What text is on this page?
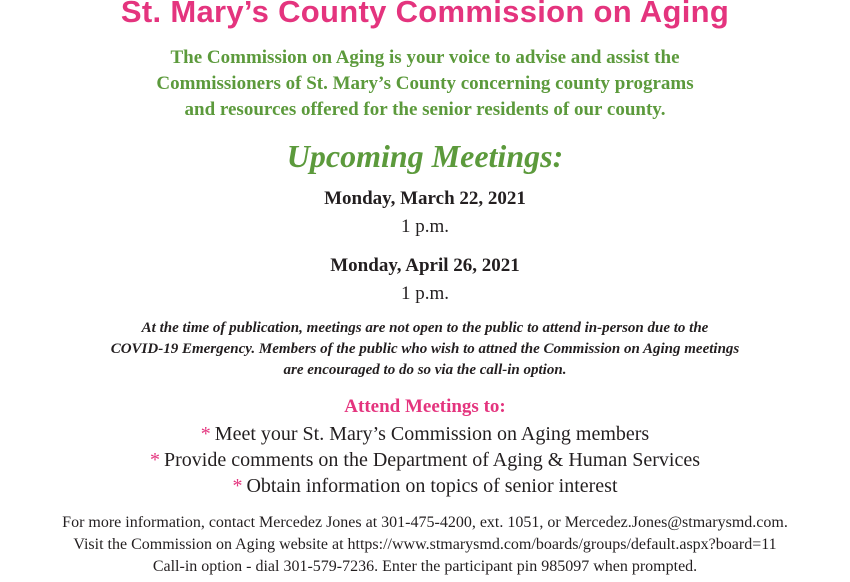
St. Mary’s County Commission on Aging
The Commission on Aging is your voice to advise and assist the
Commissioners of St. Mary’s County concerning county programs
and resources offered for the senior residents of our county.
Upcoming Meetings:
Monday, March 22, 2021
1 p.m.
Monday, April 26, 2021
1 p.m.
At the time of publication, meetings are not open to the public to attend in-person due to the
COVID-19 Emergency. Members of the public who wish to attned the Commission on Aging meetings
are encouraged to do so via the call-in option.
Attend Meetings to:
* Meet your St. Mary’s Commission on Aging members
* Provide comments on the Department of Aging & Human Services
* Obtain information on topics of senior interest
For more information, contact Mercedez Jones at 301-475-4200, ext. 1051, or Mercedez.Jones@stmarysmd.com.
Visit the Commission on Aging website at https://www.stmarysmd.com/boards/groups/default.aspx?board=11
Call-in option - dial 301-579-7236. Enter the participant pin 985097 when prompted.
